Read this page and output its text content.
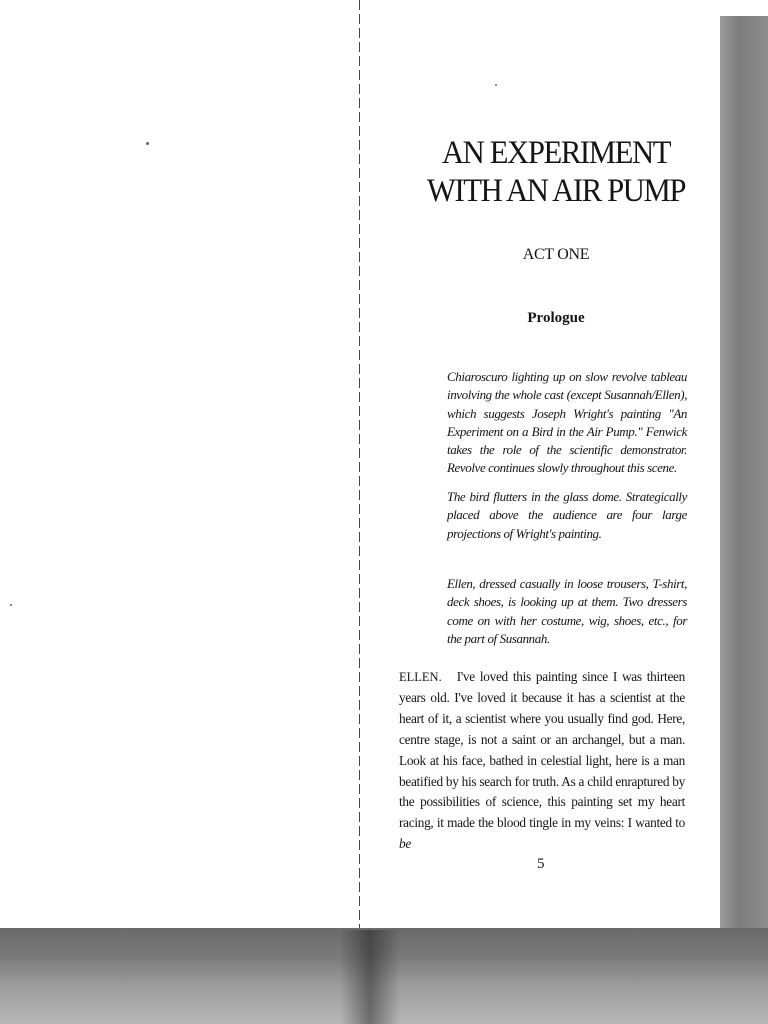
AN EXPERIMENT WITH AN AIR PUMP

ACT ONE

Prologue

Chiaroscuro lighting up on slow revolve tableau involving the whole cast (except Susannah/Ellen), which suggests Joseph Wright's painting "An Experiment on a Bird in the Air Pump." Fenwick takes the role of the scientific demonstrator. Revolve continues slowly throughout this scene.

The bird flutters in the glass dome. Strategically placed above the audience are four large projections of Wright's painting.

Ellen, dressed casually in loose trousers, T-shirt, deck shoes, is looking up at them. Two dressers come on with her costume, wig, shoes, etc., for the part of Susannah.

ELLEN. I've loved this painting since I was thirteen years old. I've loved it because it has a scientist at the heart of it, a scientist where you usually find god. Here, centre stage, is not a saint or an archangel, but a man. Look at his face, bathed in celestial light, here is a man beatified by his search for truth. As a child enraptured by the possibilities of science, this painting set my heart racing, it made the blood tingle in my veins: I wanted to be

5
